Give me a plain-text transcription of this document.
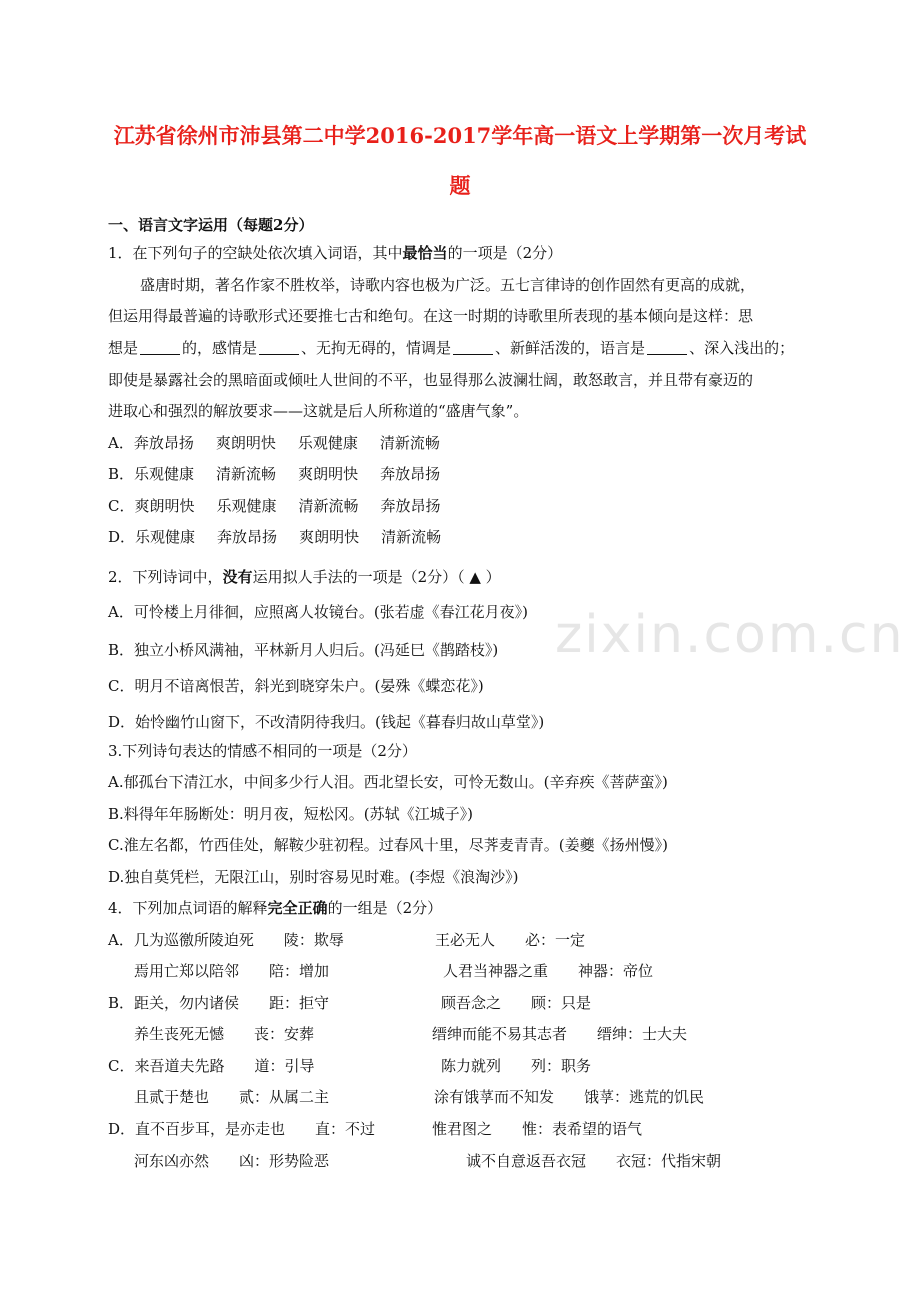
江苏省徐州市沛县第二中学2016-2017学年高一语文上学期第一次月考试
题
zixin.com.cn
一、语言文字运用（每题2分）
1．在下列句子的空缺处依次填入词语，其中最恰当的一项是（2分）
盛唐时期，著名作家不胜枚举，诗歌内容也极为广泛。五七言律诗的创作固然有更高的成就，
但运用得最普遍的诗歌形式还要推七古和绝句。在这一时期的诗歌里所表现的基本倾向是这样：思
想是	的，感情是	、无拘无碍的，情调是	、新鲜活泼的，语言是	、深入浅出的；
即使是暴露社会的黑暗面或倾吐人世间的不平，也显得那么波澜壮阔，敢怒敢言，并且带有豪迈的
进取心和强烈的解放要求——这就是后人所称道的“盛唐气象”。
A．奔放昂扬 爽朗明快 乐观健康 清新流畅
B．乐观健康 清新流畅 爽朗明快 奔放昂扬
C．爽朗明快 乐观健康 清新流畅 奔放昂扬
D．乐观健康 奔放昂扬 爽朗明快 清新流畅
2．下列诗词中，没有运用拟人手法的一项是（2分）（ ▲ ）
A．可怜楼上月徘徊，应照离人妆镜台。(张若虚《春江花月夜》)
B．独立小桥风满袖，平林新月人归后。(冯延巳《鹊踏枝》)
C．明月不谙离恨苦，斜光到晓穿朱户。(晏殊《蝶恋花》)
D．始怜幽竹山窗下，不改清阴待我归。(钱起《暮春归故山草堂》)
3.下列诗句表达的情感不相同的一项是（2分）
A.郁孤台下清江水，中间多少行人泪。西北望长安，可怜无数山。(辛弃疾《菩萨蛮》)
B.料得年年肠断处：明月夜，短松冈。(苏轼《江城子》)
C.淮左名都，竹西佳处，解鞍少驻初程。过春风十里，尽荠麦青青。(姜夔《扬州慢》)
D.独自莫凭栏，无限江山，别时容易见时难。(李煜《浪淘沙》)
4．下列加点词语的解释完全正确的一组是（2分）
A．几为巡徼所陵迫死　　陵：欺辱	王必无人　　必：一定
焉用亡郑以陪邻　　陪：增加	人君当神器之重　　神器：帝位
B．距关，勿内诸侯　　距：拒守	顾吾念之　　顾：只是
养生丧死无憾　　丧：安葬	缙绅而能不易其志者　　缙绅：士大夫
C．来吾道夫先路　　道：引导	陈力就列　　列：职务
且贰于楚也　　贰：从属二主	涂有饿莩而不知发　　饿莩：逃荒的饥民
D．直不百步耳，是亦走也　　直：不过	惟君图之　　惟：表希望的语气
河东凶亦然　　凶：形势险恶	诚不自意返吾衣冠　　衣冠：代指宋朝
